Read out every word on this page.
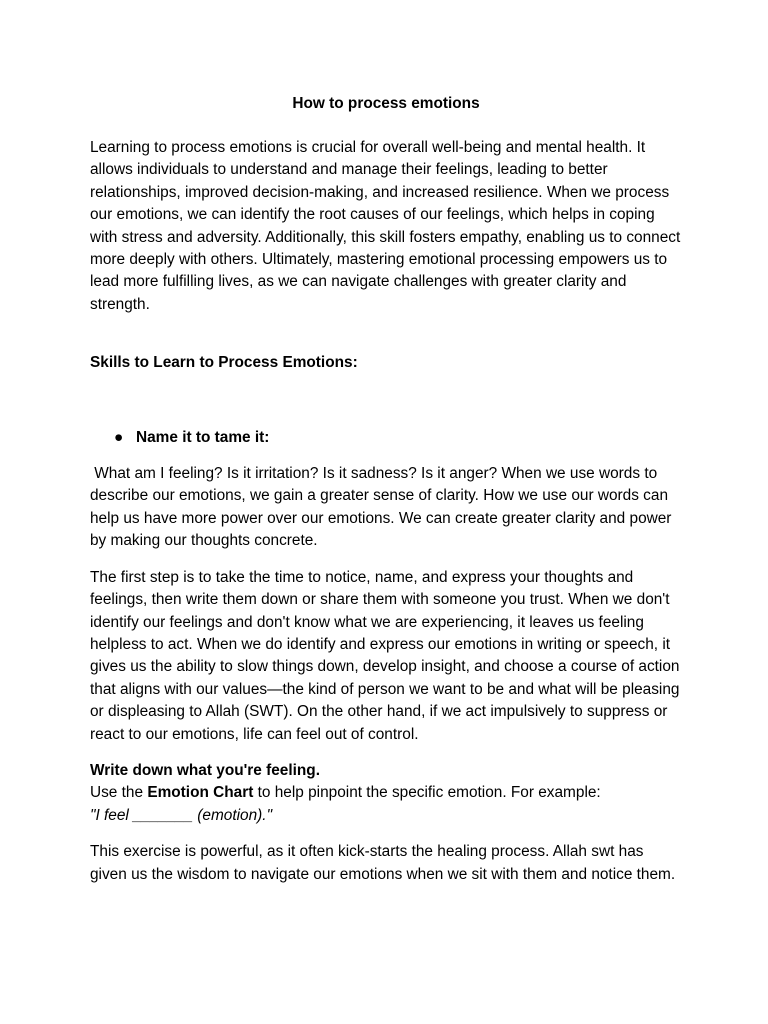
How to process emotions

Learning to process emotions is crucial for overall well-being and mental health. It allows individuals to understand and manage their feelings, leading to better relationships, improved decision-making, and increased resilience. When we process our emotions, we can identify the root causes of our feelings, which helps in coping with stress and adversity. Additionally, this skill fosters empathy, enabling us to connect more deeply with others. Ultimately, mastering emotional processing empowers us to lead more fulfilling lives, as we can navigate challenges with greater clarity and strength.

Skills to Learn to Process Emotions:

● Name it to tame it:

What am I feeling? Is it irritation? Is it sadness? Is it anger? When we use words to describe our emotions, we gain a greater sense of clarity. How we use our words can help us have more power over our emotions. We can create greater clarity and power by making our thoughts concrete.

The first step is to take the time to notice, name, and express your thoughts and feelings, then write them down or share them with someone you trust. When we don't identify our feelings and don't know what we are experiencing, it leaves us feeling helpless to act. When we do identify and express our emotions in writing or speech, it gives us the ability to slow things down, develop insight, and choose a course of action that aligns with our values—the kind of person we want to be and what will be pleasing or displeasing to Allah (SWT). On the other hand, if we act impulsively to suppress or react to our emotions, life can feel out of control.

Write down what you're feeling.
Use the Emotion Chart to help pinpoint the specific emotion. For example:
"I feel _______ (emotion)."

This exercise is powerful, as it often kick-starts the healing process. Allah swt has given us the wisdom to navigate our emotions when we sit with them and notice them.
